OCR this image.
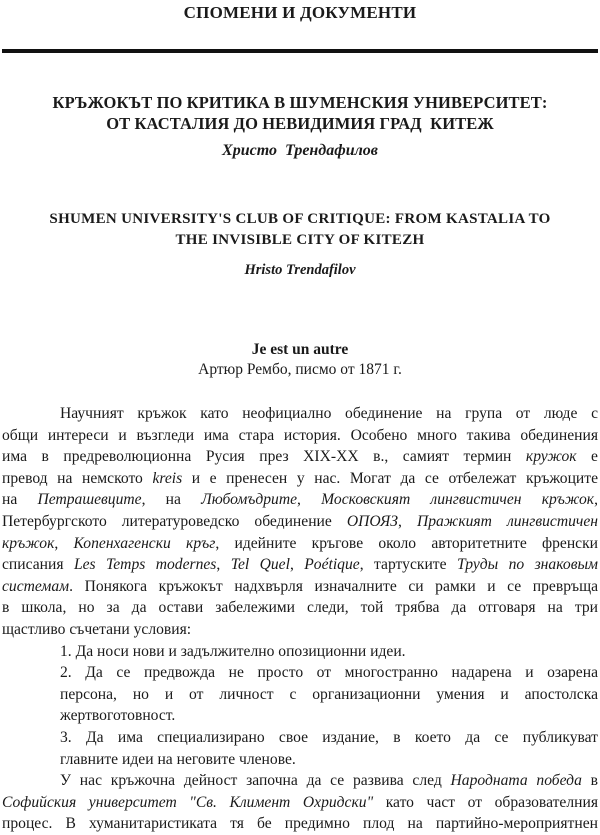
СПОМЕНИ И ДОКУМЕНТИ
КРЪЖОКЪТ ПО КРИТИКА В ШУМЕНСКИЯ УНИВЕРСИТЕТ:
ОТ КАСТАЛИЯ ДО НЕВИДИМИЯ ГРАД  КИТЕЖ
Христо  Трендафилов
SHUMEN UNIVERSITY'S CLUB OF CRITIQUE: FROM KASTALIA TO
THE INVISIBLE CITY OF KITEZH
Hristo Trendafilov
Je est un autre
Артюр Рембо, писмо от 1871 г.
Научният кръжок като неофициално обединение на група от люде с
общи интереси и възгледи има стара история. Особено много такива обединения
има в предреволюционна Русия през XIX-XX в., самият термин кружок е
превод на немското kreis и е пренесен у нас. Могат да се отбележат кръжоците
на Петрашевците, на Любомъдрите, Московският лингвистичен кръжок,
Петербургското литературоведско обединение ОПОЯЗ, Пражкият лингвистичен
кръжок, Копенхагенски кръг, идейните кръгове около авторитетните френски
списания Les Temps modernes, Tel Quel, Poétique, тартуските Труды по знаковым
системам. Понякога кръжокът надхвърля изначалните си рамки и се превръща
в школа, но за да остави забележими следи, той трябва да отговаря на три
щастливо съчетани условия:
1. Да носи нови и задължително опозиционни идеи.
2. Да се предвожда не просто от многостранно надарена и озарена
персона, но и от личност с организационни умения и апостолска
жертвоготовност.
3. Да има специализирано свое издание, в което да се публикуват
главните идеи на неговите членове.
У нас кръжочна дейност започна да се развива след Народната победа в
Софийския университет "Св. Климент Охридски" като част от образователния
процес. В хуманитаристиката тя бе предимно плод на партийно-мероприятнен
